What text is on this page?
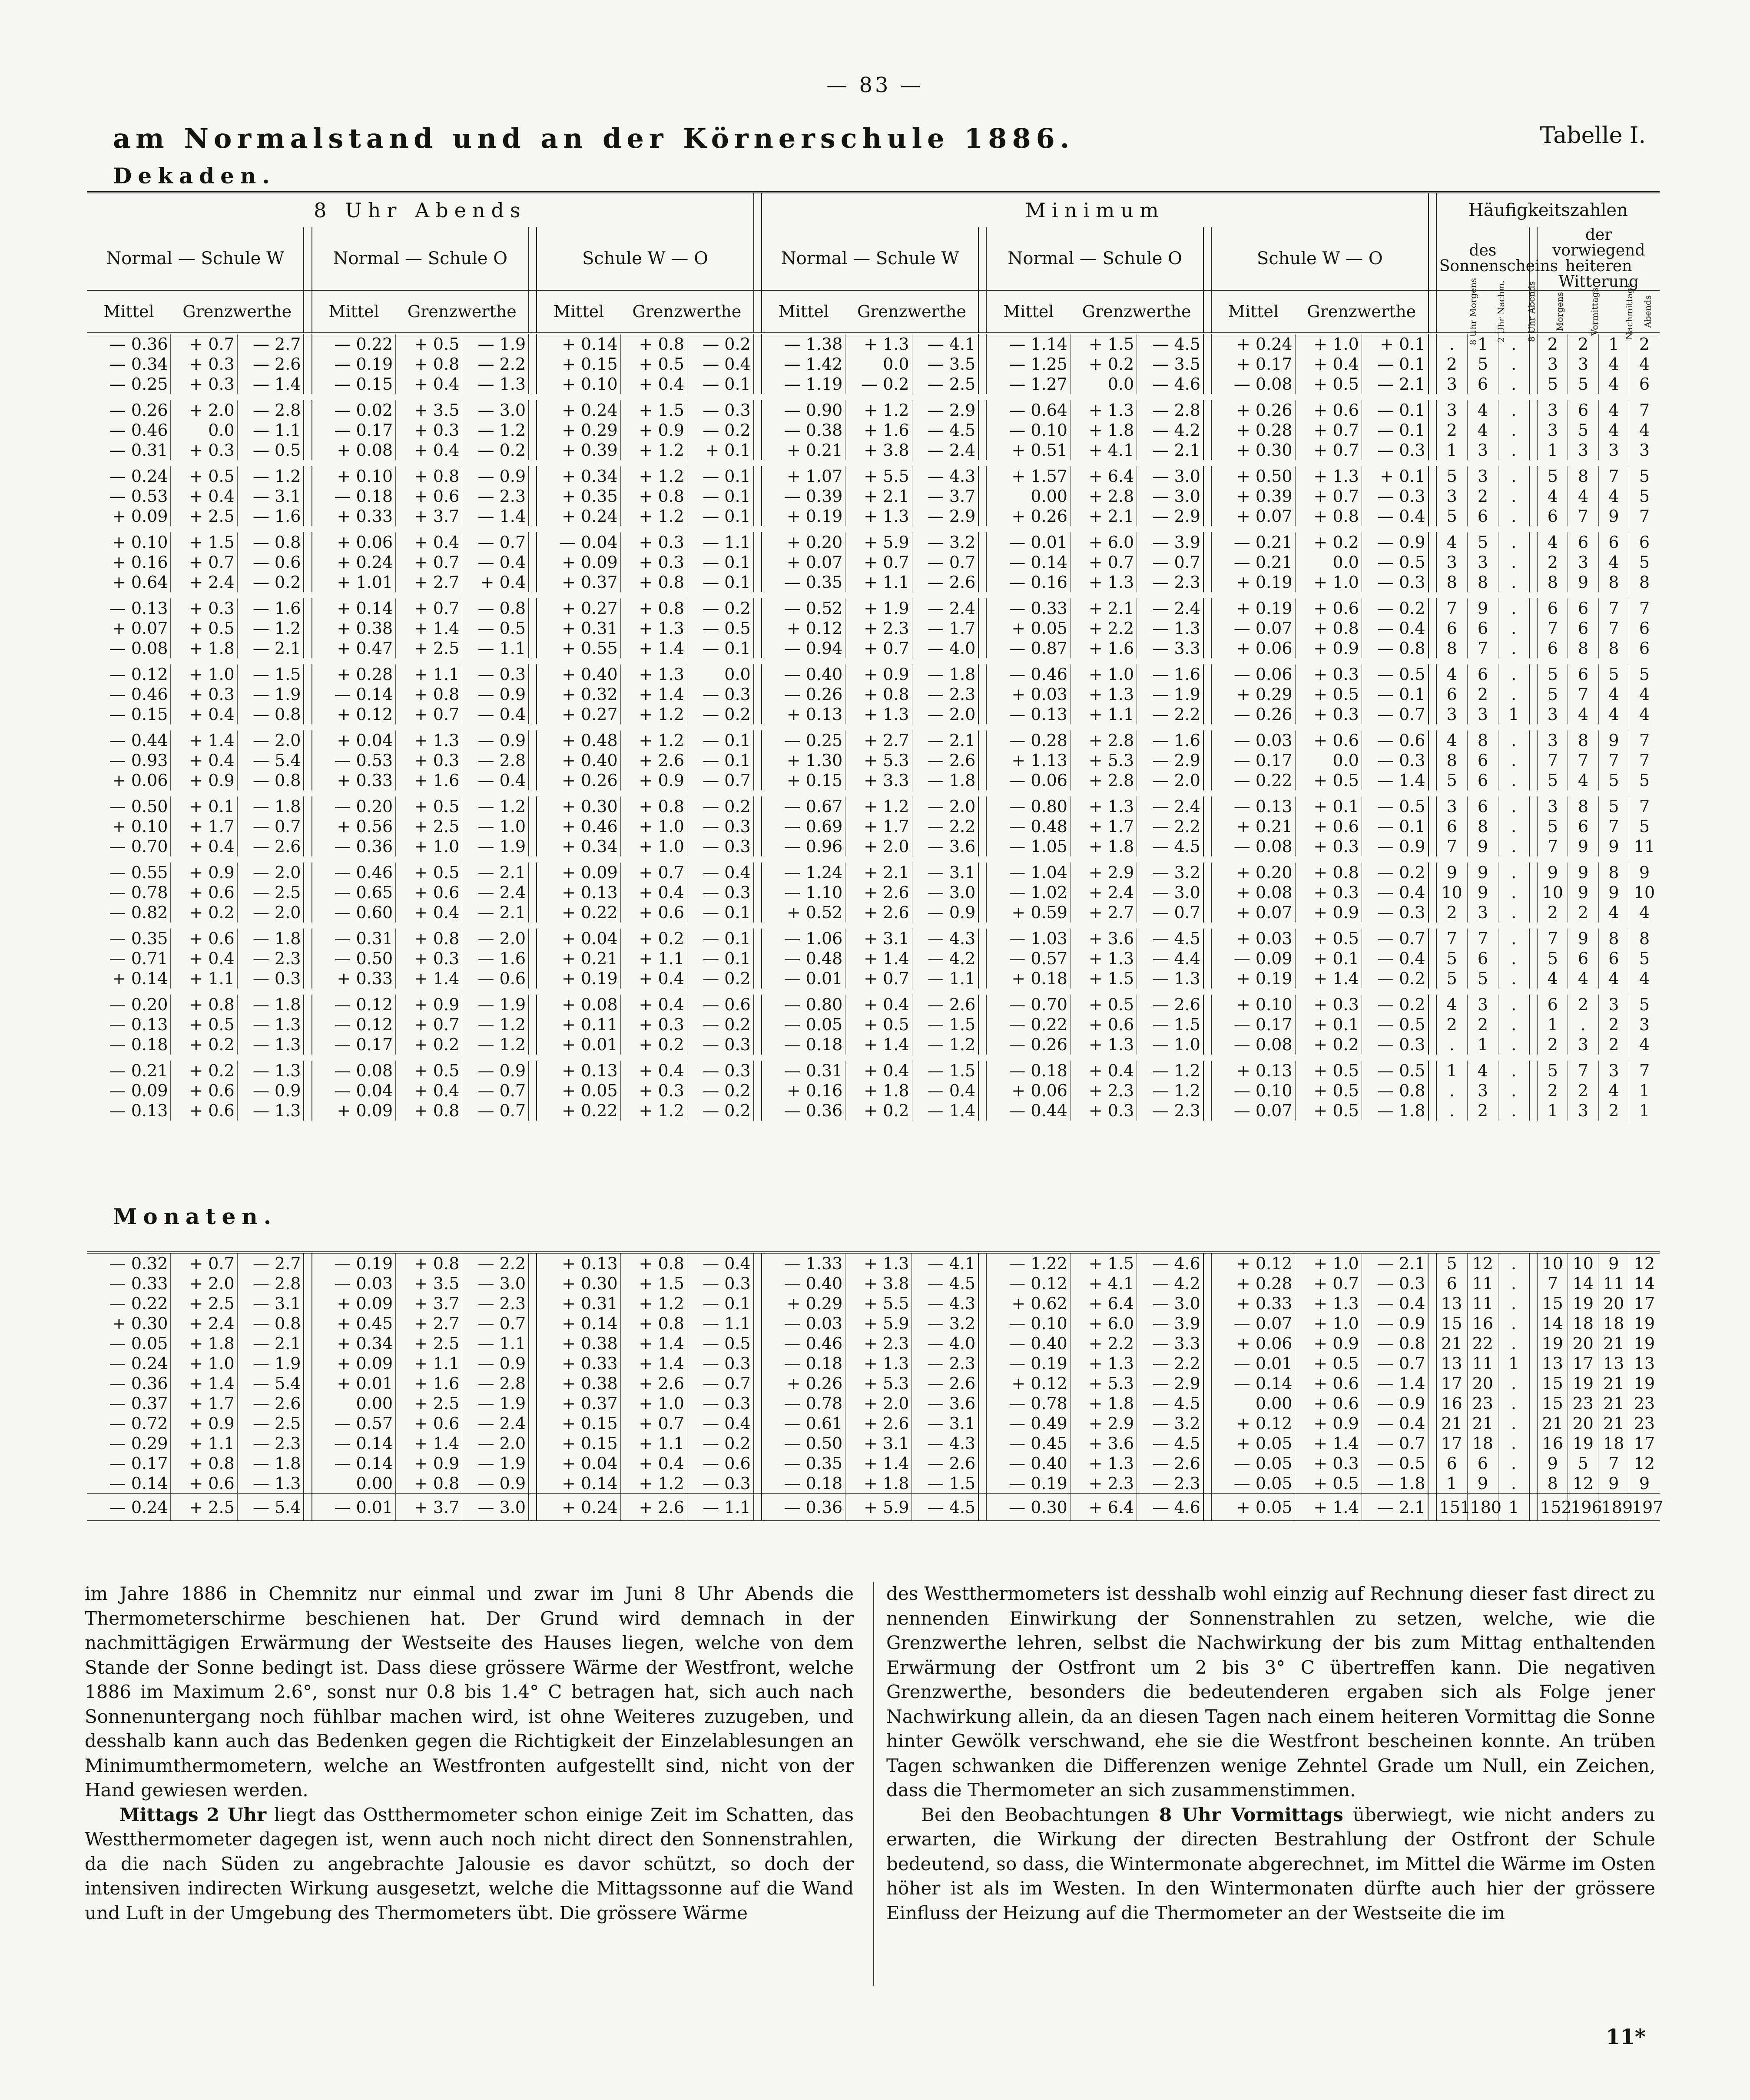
— 83 —
am Normalstand und an der Körnerschule 1886.	Tabelle I.
Dekaden.
8 Uhr Abends												Minimum												Häufigkeitszahlen							
Normal — Schule W				Normal — Schule O				Schule W — O				Normal — Schule W				Normal — Schule O				Schule W — O				des Sonnenscheins				der vorwiegend heiteren Witterung			
Mittel	Grenzwerthe			Mittel	Grenzwerthe			Mittel	Grenzwerthe			Mittel	Grenzwerthe			Mittel	Grenzwerthe			Mittel	Grenzwerthe			8 Uhr Morgens	2 Uhr Nachm.	8 Uhr Abends		Morgens	Vormittags	Nachmittags	Abends
— 0.36	+ 0.7	— 2.7		— 0.22	+ 0.5	— 1.9		+ 0.14	+ 0.8	— 0.2		— 1.38	+ 1.3	— 4.1		— 1.14	+ 1.5	— 4.5		+ 0.24	+ 1.0	+ 0.1		.	1	.		2	2	1	2
— 0.34	+ 0.3	— 2.6		— 0.19	+ 0.8	— 2.2		+ 0.15	+ 0.5	— 0.4		— 1.42	0.0	— 3.5		— 1.25	+ 0.2	— 3.5		+ 0.17	+ 0.4	— 0.1		2	5	.		3	3	4	4
— 0.25	+ 0.3	— 1.4		— 0.15	+ 0.4	— 1.3		+ 0.10	+ 0.4	— 0.1		— 1.19	— 0.2	— 2.5		— 1.27	0.0	— 4.6		— 0.08	+ 0.5	— 2.1		3	6	.		5	5	4	6

— 0.26	+ 2.0	— 2.8		— 0.02	+ 3.5	— 3.0		+ 0.24	+ 1.5	— 0.3		— 0.90	+ 1.2	— 2.9		— 0.64	+ 1.3	— 2.8		+ 0.26	+ 0.6	— 0.1		3	4	.		3	6	4	7
— 0.46	0.0	— 1.1		— 0.17	+ 0.3	— 1.2		+ 0.29	+ 0.9	— 0.2		— 0.38	+ 1.6	— 4.5		— 0.10	+ 1.8	— 4.2		+ 0.28	+ 0.7	— 0.1		2	4	.		3	5	4	4
— 0.31	+ 0.3	— 0.5		+ 0.08	+ 0.4	— 0.2		+ 0.39	+ 1.2	+ 0.1		+ 0.21	+ 3.8	— 2.4		+ 0.51	+ 4.1	— 2.1		+ 0.30	+ 0.7	— 0.3		1	3	.		1	3	3	3

— 0.24	+ 0.5	— 1.2		+ 0.10	+ 0.8	— 0.9		+ 0.34	+ 1.2	— 0.1		+ 1.07	+ 5.5	— 4.3		+ 1.57	+ 6.4	— 3.0		+ 0.50	+ 1.3	+ 0.1		5	3	.		5	8	7	5
— 0.53	+ 0.4	— 3.1		— 0.18	+ 0.6	— 2.3		+ 0.35	+ 0.8	— 0.1		— 0.39	+ 2.1	— 3.7		0.00	+ 2.8	— 3.0		+ 0.39	+ 0.7	— 0.3		3	2	.		4	4	4	5
+ 0.09	+ 2.5	— 1.6		+ 0.33	+ 3.7	— 1.4		+ 0.24	+ 1.2	— 0.1		+ 0.19	+ 1.3	— 2.9		+ 0.26	+ 2.1	— 2.9		+ 0.07	+ 0.8	— 0.4		5	6	.		6	7	9	7

+ 0.10	+ 1.5	— 0.8		+ 0.06	+ 0.4	— 0.7		— 0.04	+ 0.3	— 1.1		+ 0.20	+ 5.9	— 3.2		— 0.01	+ 6.0	— 3.9		— 0.21	+ 0.2	— 0.9		4	5	.		4	6	6	6
+ 0.16	+ 0.7	— 0.6		+ 0.24	+ 0.7	— 0.4		+ 0.09	+ 0.3	— 0.1		+ 0.07	+ 0.7	— 0.7		— 0.14	+ 0.7	— 0.7		— 0.21	0.0	— 0.5		3	3	.		2	3	4	5
+ 0.64	+ 2.4	— 0.2		+ 1.01	+ 2.7	+ 0.4		+ 0.37	+ 0.8	— 0.1		— 0.35	+ 1.1	— 2.6		— 0.16	+ 1.3	— 2.3		+ 0.19	+ 1.0	— 0.3		8	8	.		8	9	8	8

— 0.13	+ 0.3	— 1.6		+ 0.14	+ 0.7	— 0.8		+ 0.27	+ 0.8	— 0.2		— 0.52	+ 1.9	— 2.4		— 0.33	+ 2.1	— 2.4		+ 0.19	+ 0.6	— 0.2		7	9	.		6	6	7	7
+ 0.07	+ 0.5	— 1.2		+ 0.38	+ 1.4	— 0.5		+ 0.31	+ 1.3	— 0.5		+ 0.12	+ 2.3	— 1.7		+ 0.05	+ 2.2	— 1.3		— 0.07	+ 0.8	— 0.4		6	6	.		7	6	7	6
— 0.08	+ 1.8	— 2.1		+ 0.47	+ 2.5	— 1.1		+ 0.55	+ 1.4	— 0.1		— 0.94	+ 0.7	— 4.0		— 0.87	+ 1.6	— 3.3		+ 0.06	+ 0.9	— 0.8		8	7	.		6	8	8	6

— 0.12	+ 1.0	— 1.5		+ 0.28	+ 1.1	— 0.3		+ 0.40	+ 1.3	0.0		— 0.40	+ 0.9	— 1.8		— 0.46	+ 1.0	— 1.6		— 0.06	+ 0.3	— 0.5		4	6	.		5	6	5	5
— 0.46	+ 0.3	— 1.9		— 0.14	+ 0.8	— 0.9		+ 0.32	+ 1.4	— 0.3		— 0.26	+ 0.8	— 2.3		+ 0.03	+ 1.3	— 1.9		+ 0.29	+ 0.5	— 0.1		6	2	.		5	7	4	4
— 0.15	+ 0.4	— 0.8		+ 0.12	+ 0.7	— 0.4		+ 0.27	+ 1.2	— 0.2		+ 0.13	+ 1.3	— 2.0		— 0.13	+ 1.1	— 2.2		— 0.26	+ 0.3	— 0.7		3	3	1		3	4	4	4

— 0.44	+ 1.4	— 2.0		+ 0.04	+ 1.3	— 0.9		+ 0.48	+ 1.2	— 0.1		— 0.25	+ 2.7	— 2.1		— 0.28	+ 2.8	— 1.6		— 0.03	+ 0.6	— 0.6		4	8	.		3	8	9	7
— 0.93	+ 0.4	— 5.4		— 0.53	+ 0.3	— 2.8		+ 0.40	+ 2.6	— 0.1		+ 1.30	+ 5.3	— 2.6		+ 1.13	+ 5.3	— 2.9		— 0.17	0.0	— 0.3		8	6	.		7	7	7	7
+ 0.06	+ 0.9	— 0.8		+ 0.33	+ 1.6	— 0.4		+ 0.26	+ 0.9	— 0.7		+ 0.15	+ 3.3	— 1.8		— 0.06	+ 2.8	— 2.0		— 0.22	+ 0.5	— 1.4		5	6	.		5	4	5	5

— 0.50	+ 0.1	— 1.8		— 0.20	+ 0.5	— 1.2		+ 0.30	+ 0.8	— 0.2		— 0.67	+ 1.2	— 2.0		— 0.80	+ 1.3	— 2.4		— 0.13	+ 0.1	— 0.5		3	6	.		3	8	5	7
+ 0.10	+ 1.7	— 0.7		+ 0.56	+ 2.5	— 1.0		+ 0.46	+ 1.0	— 0.3		— 0.69	+ 1.7	— 2.2		— 0.48	+ 1.7	— 2.2		+ 0.21	+ 0.6	— 0.1		6	8	.		5	6	7	5
— 0.70	+ 0.4	— 2.6		— 0.36	+ 1.0	— 1.9		+ 0.34	+ 1.0	— 0.3		— 0.96	+ 2.0	— 3.6		— 1.05	+ 1.8	— 4.5		— 0.08	+ 0.3	— 0.9		7	9	.		7	9	9	11

— 0.55	+ 0.9	— 2.0		— 0.46	+ 0.5	— 2.1		+ 0.09	+ 0.7	— 0.4		— 1.24	+ 2.1	— 3.1		— 1.04	+ 2.9	— 3.2		+ 0.20	+ 0.8	— 0.2		9	9	.		9	9	8	9
— 0.78	+ 0.6	— 2.5		— 0.65	+ 0.6	— 2.4		+ 0.13	+ 0.4	— 0.3		— 1.10	+ 2.6	— 3.0		— 1.02	+ 2.4	— 3.0		+ 0.08	+ 0.3	— 0.4		10	9	.		10	9	9	10
— 0.82	+ 0.2	— 2.0		— 0.60	+ 0.4	— 2.1		+ 0.22	+ 0.6	— 0.1		+ 0.52	+ 2.6	— 0.9		+ 0.59	+ 2.7	— 0.7		+ 0.07	+ 0.9	— 0.3		2	3	.		2	2	4	4

— 0.35	+ 0.6	— 1.8		— 0.31	+ 0.8	— 2.0		+ 0.04	+ 0.2	— 0.1		— 1.06	+ 3.1	— 4.3		— 1.03	+ 3.6	— 4.5		+ 0.03	+ 0.5	— 0.7		7	7	.		7	9	8	8
— 0.71	+ 0.4	— 2.3		— 0.50	+ 0.3	— 1.6		+ 0.21	+ 1.1	— 0.1		— 0.48	+ 1.4	— 4.2		— 0.57	+ 1.3	— 4.4		— 0.09	+ 0.1	— 0.4		5	6	.		5	6	6	5
+ 0.14	+ 1.1	— 0.3		+ 0.33	+ 1.4	— 0.6		+ 0.19	+ 0.4	— 0.2		— 0.01	+ 0.7	— 1.1		+ 0.18	+ 1.5	— 1.3		+ 0.19	+ 1.4	— 0.2		5	5	.		4	4	4	4

— 0.20	+ 0.8	— 1.8		— 0.12	+ 0.9	— 1.9		+ 0.08	+ 0.4	— 0.6		— 0.80	+ 0.4	— 2.6		— 0.70	+ 0.5	— 2.6		+ 0.10	+ 0.3	— 0.2		4	3	.		6	2	3	5
— 0.13	+ 0.5	— 1.3		— 0.12	+ 0.7	— 1.2		+ 0.11	+ 0.3	— 0.2		— 0.05	+ 0.5	— 1.5		— 0.22	+ 0.6	— 1.5		— 0.17	+ 0.1	— 0.5		2	2	.		1	.	2	3
— 0.18	+ 0.2	— 1.3		— 0.17	+ 0.2	— 1.2		+ 0.01	+ 0.2	— 0.3		— 0.18	+ 1.4	— 1.2		— 0.26	+ 1.3	— 1.0		— 0.08	+ 0.2	— 0.3		.	1	.		2	3	2	4

— 0.21	+ 0.2	— 1.3		— 0.08	+ 0.5	— 0.9		+ 0.13	+ 0.4	— 0.3		— 0.31	+ 0.4	— 1.5		— 0.18	+ 0.4	— 1.2		+ 0.13	+ 0.5	— 0.5		1	4	.		5	7	3	7
— 0.09	+ 0.6	— 0.9		— 0.04	+ 0.4	— 0.7		+ 0.05	+ 0.3	— 0.2		+ 0.16	+ 1.8	— 0.4		+ 0.06	+ 2.3	— 1.2		— 0.10	+ 0.5	— 0.8		.	3	.		2	2	4	1
— 0.13	+ 0.6	— 1.3		+ 0.09	+ 0.8	— 0.7		+ 0.22	+ 1.2	— 0.2		— 0.36	+ 0.2	— 1.4		— 0.44	+ 0.3	— 2.3		— 0.07	+ 0.5	— 1.8		.	2	.		1	3	2	1
Monaten.
— 0.32	+ 0.7	— 2.7		— 0.19	+ 0.8	— 2.2		+ 0.13	+ 0.8	— 0.4		— 1.33	+ 1.3	— 4.1		— 1.22	+ 1.5	— 4.6		+ 0.12	+ 1.0	— 2.1		5	12	.		10	10	9	12
— 0.33	+ 2.0	— 2.8		— 0.03	+ 3.5	— 3.0		+ 0.30	+ 1.5	— 0.3		— 0.40	+ 3.8	— 4.5		— 0.12	+ 4.1	— 4.2		+ 0.28	+ 0.7	— 0.3		6	11	.		7	14	11	14
— 0.22	+ 2.5	— 3.1		+ 0.09	+ 3.7	— 2.3		+ 0.31	+ 1.2	— 0.1		+ 0.29	+ 5.5	— 4.3		+ 0.62	+ 6.4	— 3.0		+ 0.33	+ 1.3	— 0.4		13	11	.		15	19	20	17
+ 0.30	+ 2.4	— 0.8		+ 0.45	+ 2.7	— 0.7		+ 0.14	+ 0.8	— 1.1		— 0.03	+ 5.9	— 3.2		— 0.10	+ 6.0	— 3.9		— 0.07	+ 1.0	— 0.9		15	16	.		14	18	18	19
— 0.05	+ 1.8	— 2.1		+ 0.34	+ 2.5	— 1.1		+ 0.38	+ 1.4	— 0.5		— 0.46	+ 2.3	— 4.0		— 0.40	+ 2.2	— 3.3		+ 0.06	+ 0.9	— 0.8		21	22	.		19	20	21	19
— 0.24	+ 1.0	— 1.9		+ 0.09	+ 1.1	— 0.9		+ 0.33	+ 1.4	— 0.3		— 0.18	+ 1.3	— 2.3		— 0.19	+ 1.3	— 2.2		— 0.01	+ 0.5	— 0.7		13	11	1		13	17	13	13
— 0.36	+ 1.4	— 5.4		+ 0.01	+ 1.6	— 2.8		+ 0.38	+ 2.6	— 0.7		+ 0.26	+ 5.3	— 2.6		+ 0.12	+ 5.3	— 2.9		— 0.14	+ 0.6	— 1.4		17	20	.		15	19	21	19
— 0.37	+ 1.7	— 2.6		0.00	+ 2.5	— 1.9		+ 0.37	+ 1.0	— 0.3		— 0.78	+ 2.0	— 3.6		— 0.78	+ 1.8	— 4.5		0.00	+ 0.6	— 0.9		16	23	.		15	23	21	23
— 0.72	+ 0.9	— 2.5		— 0.57	+ 0.6	— 2.4		+ 0.15	+ 0.7	— 0.4		— 0.61	+ 2.6	— 3.1		— 0.49	+ 2.9	— 3.2		+ 0.12	+ 0.9	— 0.4		21	21	.		21	20	21	23
— 0.29	+ 1.1	— 2.3		— 0.14	+ 1.4	— 2.0		+ 0.15	+ 1.1	— 0.2		— 0.50	+ 3.1	— 4.3		— 0.45	+ 3.6	— 4.5		+ 0.05	+ 1.4	— 0.7		17	18	.		16	19	18	17
— 0.17	+ 0.8	— 1.8		— 0.14	+ 0.9	— 1.9		+ 0.04	+ 0.4	— 0.6		— 0.35	+ 1.4	— 2.6		— 0.40	+ 1.3	— 2.6		— 0.05	+ 0.3	— 0.5		6	6	.		9	5	7	12
— 0.14	+ 0.6	— 1.3		0.00	+ 0.8	— 0.9		+ 0.14	+ 1.2	— 0.3		— 0.18	+ 1.8	— 1.5		— 0.19	+ 2.3	— 2.3		— 0.05	+ 0.5	— 1.8		1	9	.		8	12	9	9
— 0.24	+ 2.5	— 5.4		— 0.01	+ 3.7	— 3.0		+ 0.24	+ 2.6	— 1.1		— 0.36	+ 5.9	— 4.5		— 0.30	+ 6.4	— 4.6		+ 0.05	+ 1.4	— 2.1		151	180	1		152	196	189	197

im Jahre 1886 in Chemnitz nur einmal und zwar im Juni 8 Uhr Abends die Thermometerschirme beschienen hat. Der Grund wird demnach in der nachmittägigen Erwärmung der Westseite des Hauses liegen, welche von dem Stande der Sonne bedingt ist. Dass diese grössere Wärme der Westfront, welche 1886 im Maximum 2.6°, sonst nur 0.8 bis 1.4° C betragen hat, sich auch nach Sonnenuntergang noch fühlbar machen wird, ist ohne Weiteres zuzugeben, und desshalb kann auch das Bedenken gegen die Richtigkeit der Einzelablesungen an Minimumthermometern, welche an Westfronten aufgestellt sind, nicht von der Hand gewiesen werden.

Mittags 2 Uhr liegt das Ostthermometer schon einige Zeit im Schatten, das Westthermometer dagegen ist, wenn auch noch nicht direct den Sonnenstrahlen, da die nach Süden zu angebrachte Jalousie es davor schützt, so doch der intensiven indirecten Wirkung ausgesetzt, welche die Mittagssonne auf die Wand und Luft in der Umgebung des Thermometers übt. Die grössere Wärme

des Westthermometers ist desshalb wohl einzig auf Rechnung dieser fast direct zu nennenden Einwirkung der Sonnenstrahlen zu setzen, welche, wie die Grenzwerthe lehren, selbst die Nachwirkung der bis zum Mittag enthaltenden Erwärmung der Ostfront um 2 bis 3° C übertreffen kann. Die negativen Grenzwerthe, besonders die bedeutenderen ergaben sich als Folge jener Nachwirkung allein, da an diesen Tagen nach einem heiteren Vormittag die Sonne hinter Gewölk verschwand, ehe sie die Westfront bescheinen konnte. An trüben Tagen schwanken die Differenzen wenige Zehntel Grade um Null, ein Zeichen, dass die Thermometer an sich zusammenstimmen.

Bei den Beobachtungen 8 Uhr Vormittags überwiegt, wie nicht anders zu erwarten, die Wirkung der directen Bestrahlung der Ostfront der Schule bedeutend, so dass, die Wintermonate abgerechnet, im Mittel die Wärme im Osten höher ist als im Westen. In den Wintermonaten dürfte auch hier der grössere Einfluss der Heizung auf die Thermometer an der Westseite die im

11*
